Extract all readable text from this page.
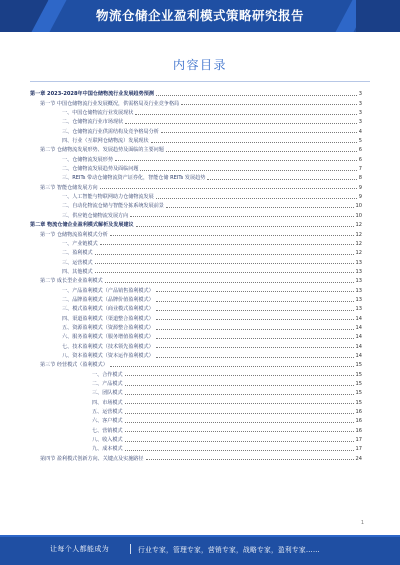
物流仓储企业盈利模式策略研究报告
内容目录
第一章 2023-2028年中国仓储物流行业发展趋势预测	3
第一节 中国仓储物流行业发展概况，供需格局及行业竞争格局	3
一、中国仓储物流行业发展现状	3
二、仓储物流行业市场现状	3
三、仓储物流行业供需结构及竞争格局分析	4
四、行业（互联网仓储物流）发展现状	5
第二节 仓储物流发展形势、发展趋势及面临的主要问题	6
一、仓储物流发展形势	6
二、仓储物流发展趋势及面临问题	7
三、REITs 带动仓储物流资产证券化，智能仓储 REITs 发展趋势	8
第三节 智能仓储发展方向	9
一、人工智能与物联网助力仓储物流发展	9
二、自动化物流仓储与智能分拣系统发展前景	10
三、供应链仓储物流发展方向	10
第二章 物流仓储企业盈利模式解析及发展建议	12
第一节 仓储物流盈利模式分析	12
一、产业链模式	12
二、盈利模式	12
三、运营模式	13
四、其他模式	13
第二节 成长型企业盈利模式	13
一、产品盈利模式（产品销售盈利模式）	13
二、品牌盈利模式（品牌价值盈利模式）	13
三、模式盈利模式（商业模式盈利模式）	13
四、渠道盈利模式（渠道整合盈利模式）	14
五、资源盈利模式（资源整合盈利模式）	14
六、服务盈利模式（服务增值盈利模式）	14
七、技术盈利模式（技术领先盈利模式）	14
八、资本盈利模式（资本运作盈利模式）	14
第三节 经营模式（盈利模式）	15
一、合作模式	15
二、产品模式	15
三、团队模式	15
四、市场模式	15
五、运营模式	16
六、客户模式	16
七、营销模式	16
八、收入模式	17
九、成本模式	17
第四节 盈利模式创新方向、关键点及实施路径	24
1
让每个人都能成为	行业专家，管理专家，营销专家，战略专家，盈利专家……
